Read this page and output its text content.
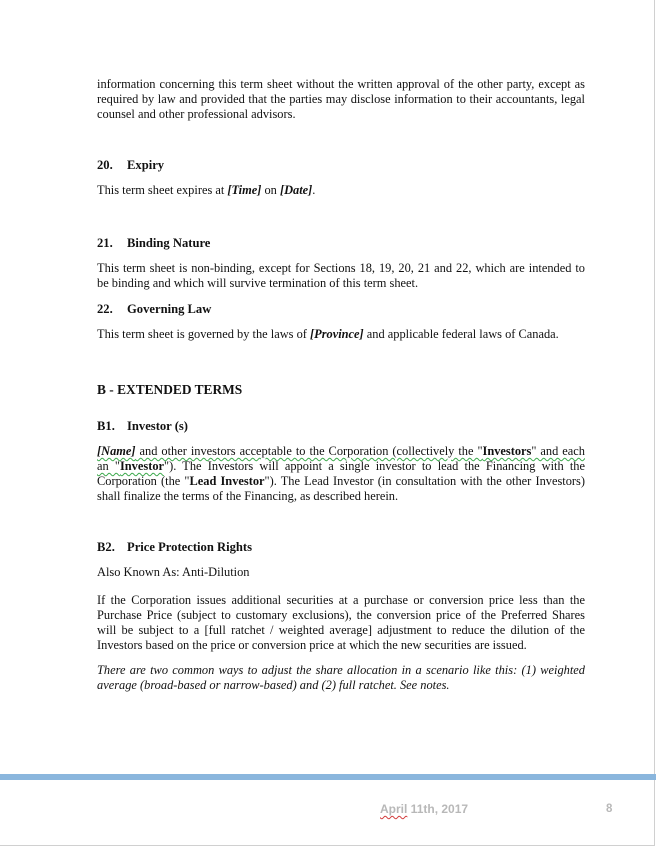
information concerning this term sheet without the written approval of the other party, except as required by law and provided that the parties may disclose information to their accountants, legal counsel and other professional advisors.

20. Expiry

This term sheet expires at [Time] on [Date].

21. Binding Nature

This term sheet is non-binding, except for Sections 18, 19, 20, 21 and 22, which are intended to be binding and which will survive termination of this term sheet.

22. Governing Law

This term sheet is governed by the laws of [Province] and applicable federal laws of Canada.

B - EXTENDED TERMS

B1. Investor (s)

[Name] and other investors acceptable to the Corporation (collectively the "Investors" and each an "Investor"). The Investors will appoint a single investor to lead the Financing with the Corporation (the "Lead Investor"). The Lead Investor (in consultation with the other Investors) shall finalize the terms of the Financing, as described herein.

B2. Price Protection Rights

Also Known As: Anti-Dilution

If the Corporation issues additional securities at a purchase or conversion price less than the Purchase Price (subject to customary exclusions), the conversion price of the Preferred Shares will be subject to a [full ratchet / weighted average] adjustment to reduce the dilution of the Investors based on the price or conversion price at which the new securities are issued.

There are two common ways to adjust the share allocation in a scenario like this: (1) weighted average (broad-based or narrow-based) and (2) full ratchet. See notes.

April 11th, 2017	8
